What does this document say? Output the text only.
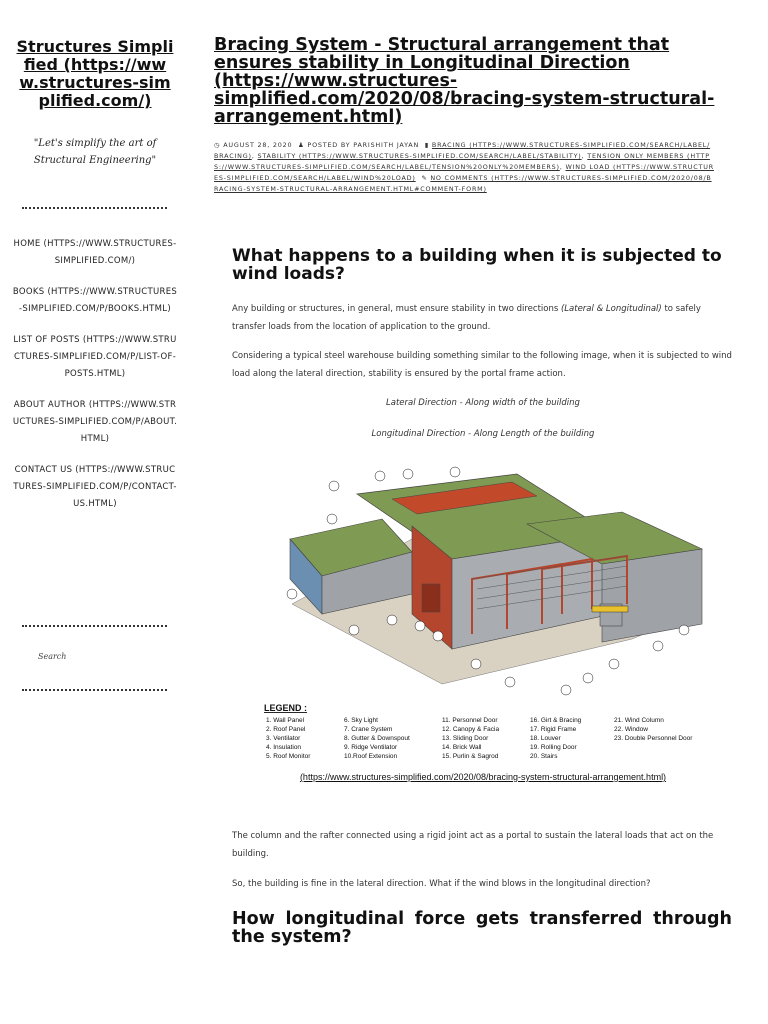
Structures Simplified (https://www.structures-simplified.com/)
"Let's simplify the art of Structural Engineering"
HOME (HTTPS://WWW.STRUCTURES-SIMPLIFIED.COM/)
BOOKS (HTTPS://WWW.STRUCTURES-SIMPLIFIED.COM/P/BOOKS.HTML)
LIST OF POSTS (HTTPS://WWW.STRUCTURES-SIMPLIFIED.COM/P/LIST-OF-POSTS.HTML)
ABOUT AUTHOR (HTTPS://WWW.STRUCTURES-SIMPLIFIED.COM/P/ABOUT.HTML)
CONTACT US (HTTPS://WWW.STRUCTURES-SIMPLIFIED.COM/P/CONTACT-US.HTML)
Search
Bracing System - Structural arrangement that ensures stability in Longitudinal Direction (https://www.structures-simplified.com/2020/08/bracing-system-structural-arrangement.html)
◷ AUGUST 28, 2020 ♟ POSTED BY PARISHITH JAYAN ▮ BRACING (HTTPS://WWW.STRUCTURES-SIMPLIFIED.COM/SEARCH/LABEL/BRACING), STABILITY (HTTPS://WWW.STRUCTURES-SIMPLIFIED.COM/SEARCH/LABEL/STABILITY), TENSION ONLY MEMBERS (HTTPS://WWW.STRUCTURES-SIMPLIFIED.COM/SEARCH/LABEL/TENSION%20ONLY%20MEMBERS), WIND LOAD (HTTPS://WWW.STRUCTURES-SIMPLIFIED.COM/SEARCH/LABEL/WIND%20LOAD) ✎ NO COMMENTS (HTTPS://WWW.STRUCTURES-SIMPLIFIED.COM/2020/08/BRACING-SYSTEM-STRUCTURAL-ARRANGEMENT.HTML#COMMENT-FORM)
What happens to a building when it is subjected to wind loads?
Any building or structures, in general, must ensure stability in two directions (Lateral & Longitudinal) to safely transfer loads from the location of application to the ground.
Considering a typical steel warehouse building something similar to the following image, when it is subjected to wind load along the lateral direction, stability is ensured by the portal frame action.
Lateral Direction - Along width of the building
Longitudinal Direction - Along Length of the building
LEGEND :
1. Wall Panel
2. Roof Panel
3. Ventilator
4. Insulation
5. Roof Monitor
6. Sky Light
7. Crane System
8. Gutter & Downspout
9. Ridge Ventilator
10.Roof Extension
11. Personnel Door
12. Canopy & Facia
13. Sliding Door
14. Brick Wall
15. Purlin & Sagrod
16. Girt & Bracing
17. Rigid Frame
18. Louver
19. Rolling Door
20. Stairs
21. Wind Column
22. Window
23. Double Personnel Door
(https://www.structures-simplified.com/2020/08/bracing-system-structural-arrangement.html)
The column and the rafter connected using a rigid joint act as a portal to sustain the lateral loads that act on the building.
So, the building is fine in the lateral direction. What if the wind blows in the longitudinal direction?
How longitudinal force gets transferred through the system?
